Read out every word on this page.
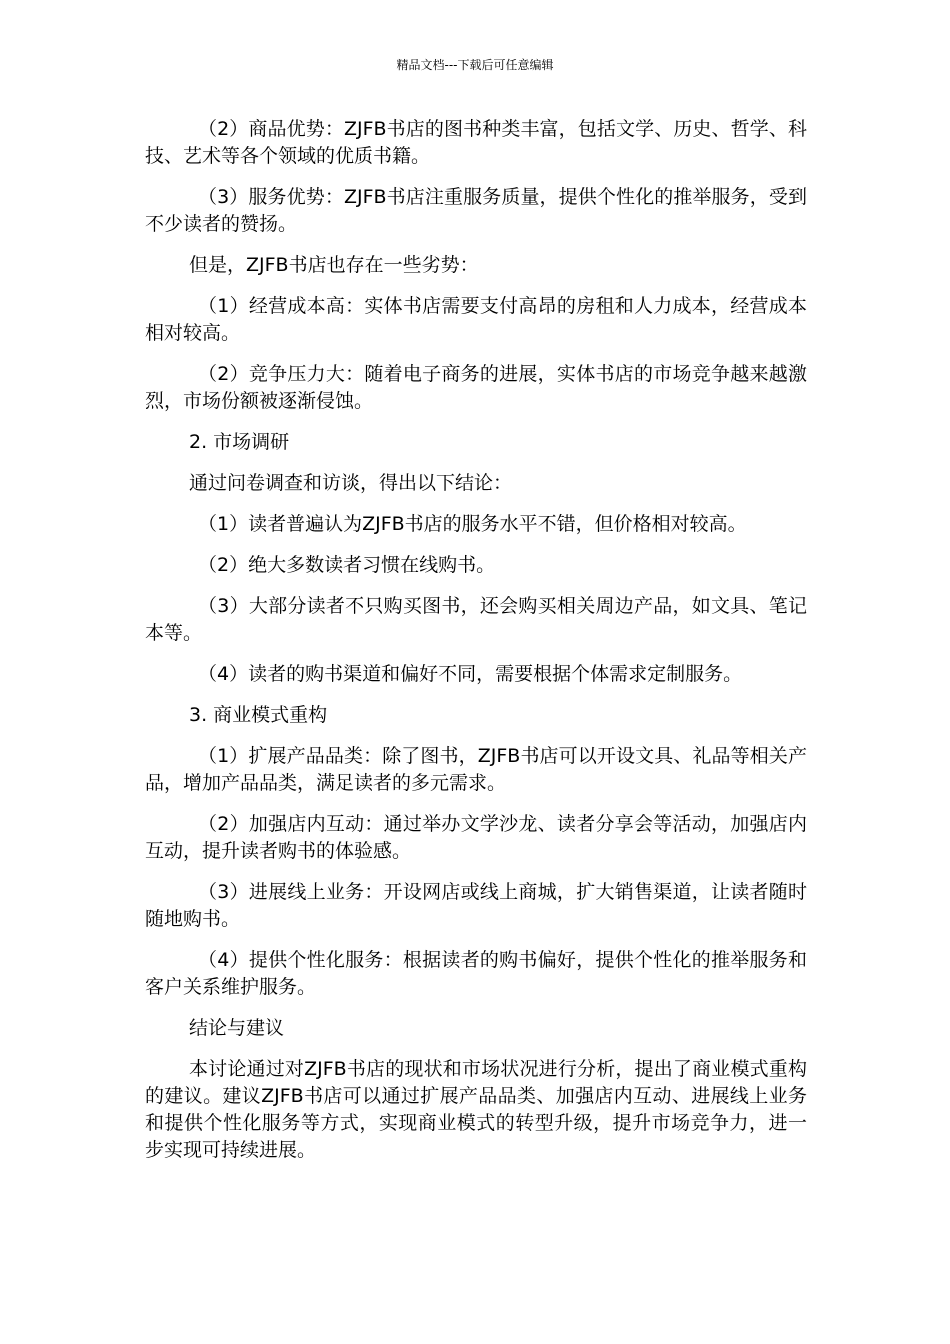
精品文档---下载后可任意编辑

（2）商品优势：ZJFB书店的图书种类丰富，包括文学、历史、哲学、科技、艺术等各个领域的优质书籍。

（3）服务优势：ZJFB书店注重服务质量，提供个性化的推举服务，受到不少读者的赞扬。

但是，ZJFB书店也存在一些劣势：

（1）经营成本高：实体书店需要支付高昂的房租和人力成本，经营成本相对较高。

（2）竞争压力大：随着电子商务的进展，实体书店的市场竞争越来越激烈，市场份额被逐渐侵蚀。

2. 市场调研

通过问卷调查和访谈，得出以下结论：

（1）读者普遍认为ZJFB书店的服务水平不错，但价格相对较高。

（2）绝大多数读者习惯在线购书。

（3）大部分读者不只购买图书，还会购买相关周边产品，如文具、笔记本等。

（4）读者的购书渠道和偏好不同，需要根据个体需求定制服务。

3. 商业模式重构

（1）扩展产品品类：除了图书，ZJFB书店可以开设文具、礼品等相关产品，增加产品品类，满足读者的多元需求。

（2）加强店内互动：通过举办文学沙龙、读者分享会等活动，加强店内互动，提升读者购书的体验感。

（3）进展线上业务：开设网店或线上商城，扩大销售渠道，让读者随时随地购书。

（4）提供个性化服务：根据读者的购书偏好，提供个性化的推举服务和客户关系维护服务。

结论与建议

本讨论通过对ZJFB书店的现状和市场状况进行分析，提出了商业模式重构的建议。建议ZJFB书店可以通过扩展产品品类、加强店内互动、进展线上业务和提供个性化服务等方式，实现商业模式的转型升级，提升市场竞争力，进一步实现可持续进展。
